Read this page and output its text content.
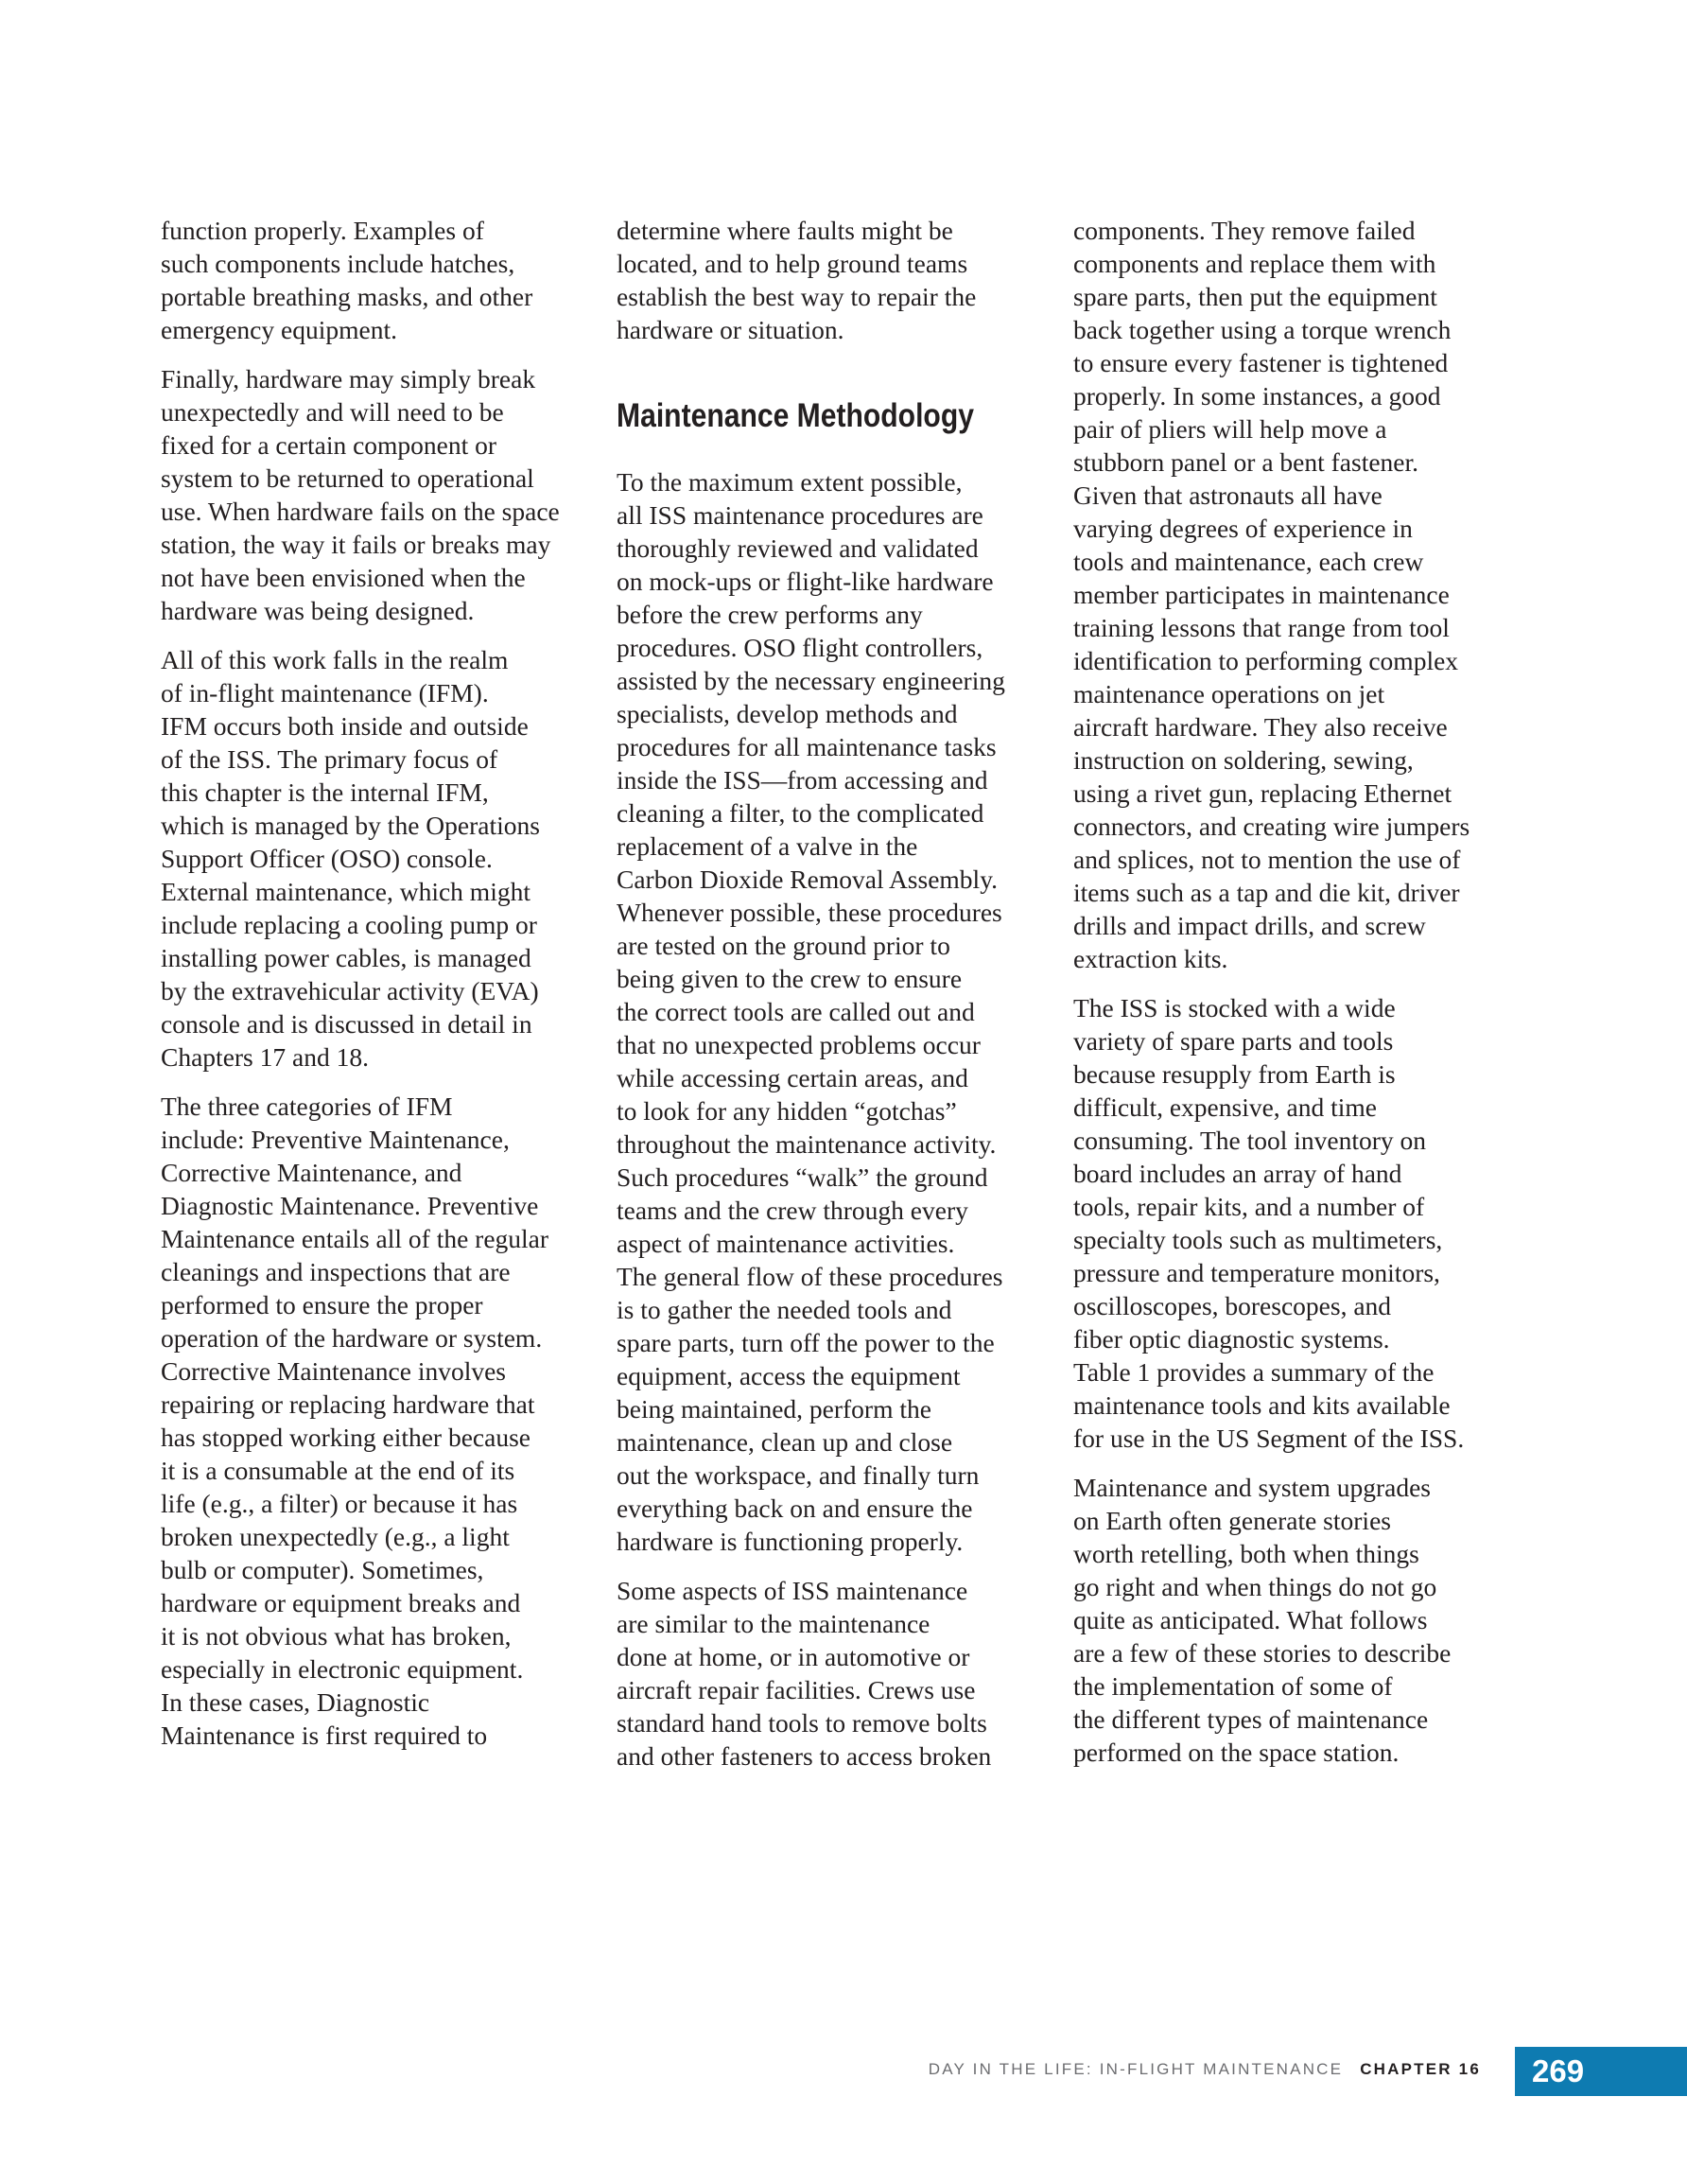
function properly. Examples of
such components include hatches,
portable breathing masks, and other
emergency equipment.

Finally, hardware may simply break
unexpectedly and will need to be
fixed for a certain component or
system to be returned to operational
use. When hardware fails on the space
station, the way it fails or breaks may
not have been envisioned when the
hardware was being designed.

All of this work falls in the realm
of in-flight maintenance (IFM).
IFM occurs both inside and outside
of the ISS. The primary focus of
this chapter is the internal IFM,
which is managed by the Operations
Support Officer (OSO) console.
External maintenance, which might
include replacing a cooling pump or
installing power cables, is managed
by the extravehicular activity (EVA)
console and is discussed in detail in
Chapters 17 and 18.

The three categories of IFM
include: Preventive Maintenance,
Corrective Maintenance, and
Diagnostic Maintenance. Preventive
Maintenance entails all of the regular
cleanings and inspections that are
performed to ensure the proper
operation of the hardware or system.
Corrective Maintenance involves
repairing or replacing hardware that
has stopped working either because
it is a consumable at the end of its
life (e.g., a filter) or because it has
broken unexpectedly (e.g., a light
bulb or computer). Sometimes,
hardware or equipment breaks and
it is not obvious what has broken,
especially in electronic equipment.
In these cases, Diagnostic
Maintenance is first required to

determine where faults might be
located, and to help ground teams
establish the best way to repair the
hardware or situation.

Maintenance Methodology

To the maximum extent possible,
all ISS maintenance procedures are
thoroughly reviewed and validated
on mock-ups or flight-like hardware
before the crew performs any
procedures. OSO flight controllers,
assisted by the necessary engineering
specialists, develop methods and
procedures for all maintenance tasks
inside the ISS—from accessing and
cleaning a filter, to the complicated
replacement of a valve in the
Carbon Dioxide Removal Assembly.
Whenever possible, these procedures
are tested on the ground prior to
being given to the crew to ensure
the correct tools are called out and
that no unexpected problems occur
while accessing certain areas, and
to look for any hidden “gotchas”
throughout the maintenance activity.
Such procedures “walk” the ground
teams and the crew through every
aspect of maintenance activities.
The general flow of these procedures
is to gather the needed tools and
spare parts, turn off the power to the
equipment, access the equipment
being maintained, perform the
maintenance, clean up and close
out the workspace, and finally turn
everything back on and ensure the
hardware is functioning properly.

Some aspects of ISS maintenance
are similar to the maintenance
done at home, or in automotive or
aircraft repair facilities. Crews use
standard hand tools to remove bolts
and other fasteners to access broken

components. They remove failed
components and replace them with
spare parts, then put the equipment
back together using a torque wrench
to ensure every fastener is tightened
properly. In some instances, a good
pair of pliers will help move a
stubborn panel or a bent fastener.
Given that astronauts all have
varying degrees of experience in
tools and maintenance, each crew
member participates in maintenance
training lessons that range from tool
identification to performing complex
maintenance operations on jet
aircraft hardware. They also receive
instruction on soldering, sewing,
using a rivet gun, replacing Ethernet
connectors, and creating wire jumpers
and splices, not to mention the use of
items such as a tap and die kit, driver
drills and impact drills, and screw
extraction kits.

The ISS is stocked with a wide
variety of spare parts and tools
because resupply from Earth is
difficult, expensive, and time
consuming. The tool inventory on
board includes an array of hand
tools, repair kits, and a number of
specialty tools such as multimeters,
pressure and temperature monitors,
oscilloscopes, borescopes, and
fiber optic diagnostic systems.
Table 1 provides a summary of the
maintenance tools and kits available
for use in the US Segment of the ISS.

Maintenance and system upgrades
on Earth often generate stories
worth retelling, both when things
go right and when things do not go
quite as anticipated. What follows
are a few of these stories to describe
the implementation of some of
the different types of maintenance
performed on the space station.

DAY IN THE LIFE: IN-FLIGHT MAINTENANCE CHAPTER 16 269
